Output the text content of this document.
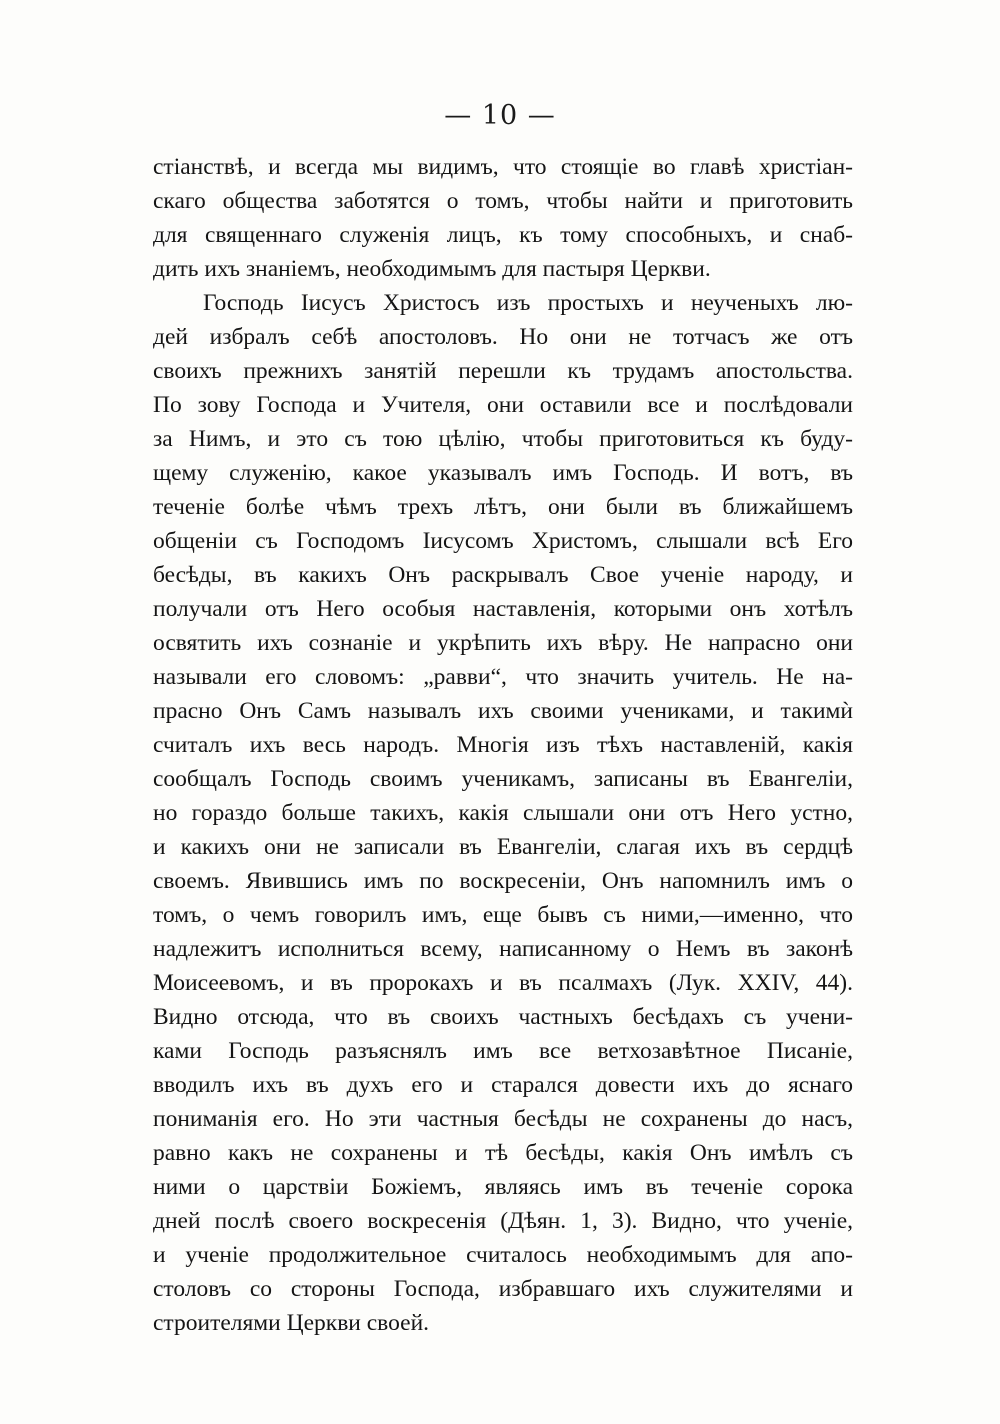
— 10 —
стіанствѣ, и всегда мы видимъ, что стоящіе во главѣ христіан-
скаго общества заботятся о томъ, чтобы найти и приготовить
для священнаго служенія лицъ, къ тому способныхъ, и снаб-
дить ихъ знаніемъ, необходимымъ для пастыря Церкви.
Господь Іисусъ Христосъ изъ простыхъ и неученыхъ лю-
дей избралъ себѣ апостоловъ. Но они не тотчасъ же отъ
своихъ прежнихъ занятій перешли къ трудамъ апостольства.
По зову Господа и Учителя, они оставили все и послѣдовали
за Нимъ, и это съ тою цѣлію, чтобы приготовиться къ буду-
щему служенію, какое указывалъ имъ Господь. И вотъ, въ
теченіе болѣе чѣмъ трехъ лѣтъ, они были въ ближайшемъ
общеніи съ Господомъ Іисусомъ Христомъ, слышали всѣ Его
бесѣды, въ какихъ Онъ раскрывалъ Свое ученіе народу, и
получали отъ Него особыя наставленія, которыми онъ хотѣлъ
освятить ихъ сознаніе и укрѣпить ихъ вѣру. Не напрасно они
называли его словомъ: „равви“, что значить учитель. Не на-
прасно Онъ Самъ называлъ ихъ своими учениками, и такимѝ
считалъ ихъ весь народъ. Многія изъ тѣхъ наставленій, какія
сообщалъ Господь своимъ ученикамъ, записаны въ Евангеліи,
но гораздо больше такихъ, какія слышали они отъ Него устно,
и какихъ они не записали въ Евангеліи, слагая ихъ въ сердцѣ
своемъ. Явившись имъ по воскресеніи, Онъ напомнилъ имъ о
томъ, о чемъ говорилъ имъ, еще бывъ съ ними,—именно, что
надлежитъ исполниться всему, написанному о Немъ въ законѣ
Моисеевомъ, и въ пророкахъ и въ псалмахъ (Лук. XXIV, 44).
Видно отсюда, что въ своихъ частныхъ бесѣдахъ съ учени-
ками Господь разъяснялъ имъ все ветхозавѣтное Писаніе,
вводилъ ихъ въ духъ его и старался довести ихъ до яснаго
пониманія его. Но эти частныя бесѣды не сохранены до насъ,
равно какъ не сохранены и тѣ бесѣды, какія Онъ имѣлъ съ
ними о царствіи Божіемъ, являясь имъ въ теченіе сорока
дней послѣ своего воскресенія (Дѣян. 1, 3). Видно, что ученіе,
и ученіе продолжительное считалось необходимымъ для апо-
столовъ со стороны Господа, избравшаго ихъ служителями и
строителями Церкви своей.
